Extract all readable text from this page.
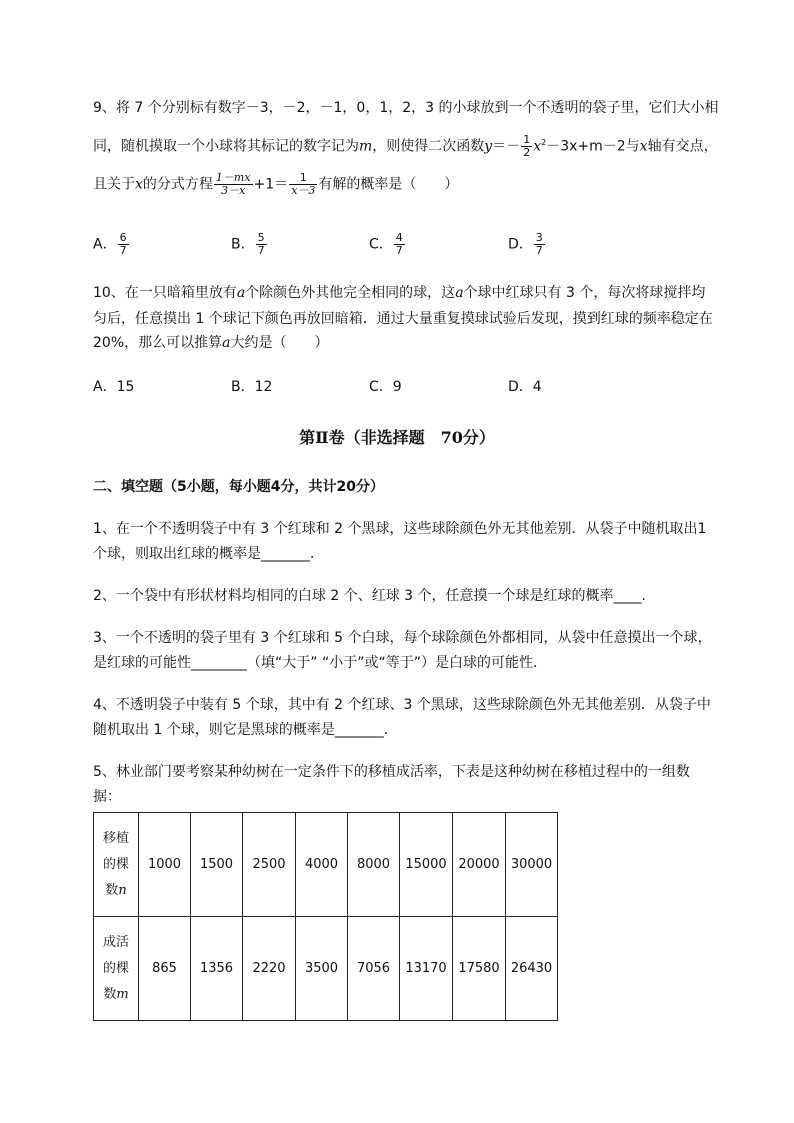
9、将 7 个分别标有数字－3，－2，－1，0，1，2，3 的小球放到一个不透明的袋子里，它们大小相
同，随机摸取一个小球将其标记的数字记为m，则使得二次函数$y=- \frac{1}{2} x^2-3x+m-2$与x轴有交点，
且关于x的分式方程 $\frac{1-mx}{3-x} +1= \frac{1}{x-3}$ 有解的概率是（　　）
A． $\frac{6}{7}$	B． $\frac{5}{7}$	C． $\frac{4}{7}$	D． $\frac{3}{7}$
10、在一只暗箱里放有a个除颜色外其他完全相同的球，这a个球中红球只有 3 个，每次将球搅拌均
匀后，任意摸出 1 个球记下颜色再放回暗箱．通过大量重复摸球试验后发现，摸到红球的频率稳定在
20%，那么可以推算a大约是（　　）
A．15	B．12	C．9	D．4
第Ⅱ卷（非选择题　70分）
二、填空题（5小题，每小题4分，共计20分）
1、在一个不透明袋子中有 3 个红球和 2 个黑球，这些球除颜色外无其他差别．从袋子中随机取出1
个球，则取出红球的概率是_______．
2、一个袋中有形状材料均相同的白球 2 个、红球 3 个，任意摸一个球是红球的概率____．
3、一个不透明的袋子里有 3 个红球和 5 个白球，每个球除颜色外都相同，从袋中任意摸出一个球，
是红球的可能性________（填“大于” “小于”或“等于”）是白球的可能性．
4、不透明袋子中装有 5 个球，其中有 2 个红球、3 个黑球，这些球除颜色外无其他差别．从袋子中
随机取出 1 个球，则它是黑球的概率是_______．
5、林业部门要考察某种幼树在一定条件下的移植成活率，下表是这种幼树在移植过程中的一组数
据：
移植
的棵
数n	1000	1500	2500	4000	8000	15000	20000	30000

成活
的棵
数m	865	1356	2220	3500	7056	13170	17580	26430
